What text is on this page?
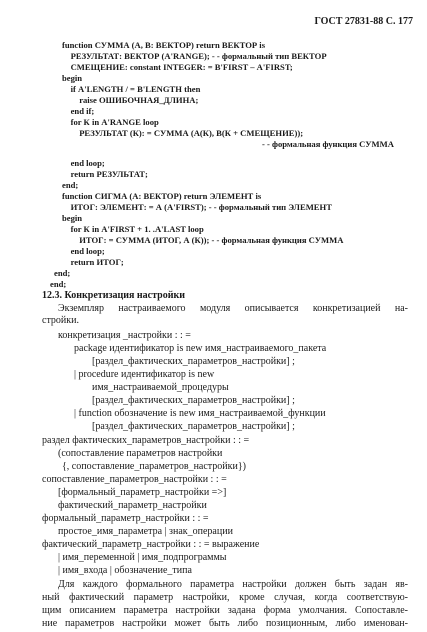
ГОСТ 27831-88 С. 177
function СУММА (А, В: ВЕКТОР) return ВЕКТОР is
РЕЗУЛЬТАТ: ВЕКТОР (А'RANGE); - - формальный тип ВЕКТОР
СМЕЩЕНИЕ: constant INTEGER: = В'FIRST – А'FIRST;
begin
if А'LENGTH / = В'LENGTH then
raise ОШИБОЧНАЯ_ДЛИНА;
end if;
for К in А'RANGE loop
РЕЗУЛЬТАТ (К): = СУММА (А(К), В(К + СМЕЩЕНИЕ));
- - формальная функция СУММА
end loop;
return РЕЗУЛЬТАТ;
end;
function СИГМА (А: ВЕКТОР) return ЭЛЕМЕНТ is
ИТОГ: ЭЛЕМЕНТ: = А (А'FIRST); - - формальный тип ЭЛЕМЕНТ
begin
for К in А'FIRST + 1. .А'LAST loop
ИТОГ: = СУММА (ИТОГ, А (К)); - - формальная функция СУММА
end loop;
return ИТОГ;
end;
end;
12.3. Конкретизация настройки
Экземпляр настраиваемого модуля описывается конкретизацией на-
стройки.
конкретизация _настройки : : =
package идентификатор is new имя_настраиваемого_пакета
[раздел_фактических_параметров_настройки] ;
| procedure идентификатор is new
имя_настраиваемой_процедуры
[раздел_фактических_параметров_настройки] ;
| function обозначение is new имя_настраиваемой_функции
[раздел_фактических_параметров_настройки] ;
раздел фактических_параметров_настройки : : =
(сопоставление параметров настройки
{, сопоставление_параметров_настройки})
сопоставление_параметров_настройки : : =
[формальный_параметр_настройки =>]
фактический_параметр_настройки
формальный_параметр_настройки : : =
простое_имя_параметра | знак_операции
фактический_параметр_настройки : : = выражение
| имя_переменной | имя_подпрограммы
| имя_входа | обозначение_типа
Для каждого формального параметра настройки должен быть задан яв-
ный фактический параметр настройки, кроме случая, когда соответствую-
щим описанием параметра настройки задана форма умолчания. Сопоставле-
ние параметров настройки может быть либо позиционным, либо именован-
